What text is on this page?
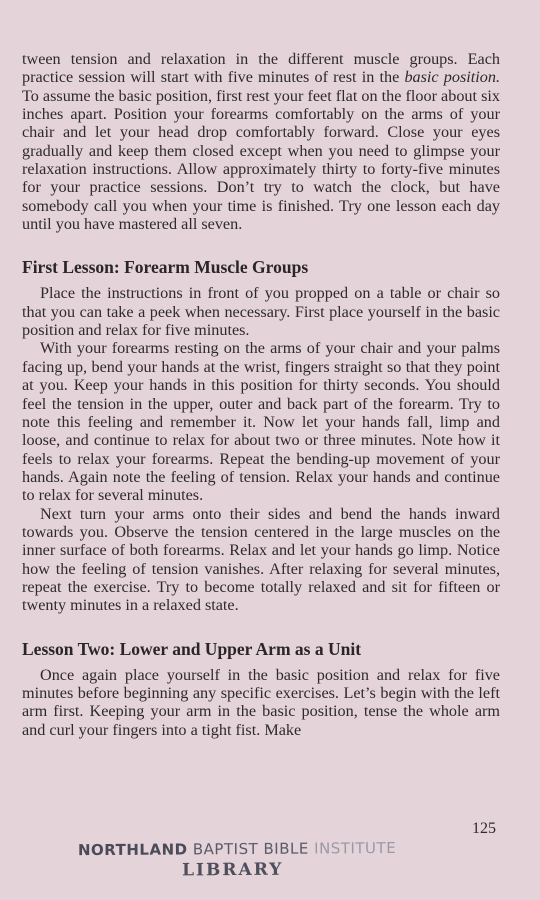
tween tension and relaxation in the different muscle groups. Each practice session will start with five minutes of rest in the basic position. To assume the basic position, first rest your feet flat on the floor about six inches apart. Position your forearms comfortably on the arms of your chair and let your head drop comfortably forward. Close your eyes gradually and keep them closed except when you need to glimpse your relaxation instructions. Allow approximately thirty to forty-five minutes for your practice sessions. Don’t try to watch the clock, but have somebody call you when your time is finished. Try one lesson each day until you have mastered all seven.

First Lesson: Forearm Muscle Groups

Place the instructions in front of you propped on a table or chair so that you can take a peek when necessary. First place yourself in the basic position and relax for five minutes.

With your forearms resting on the arms of your chair and your palms facing up, bend your hands at the wrist, fingers straight so that they point at you. Keep your hands in this position for thirty seconds. You should feel the tension in the upper, outer and back part of the forearm. Try to note this feeling and remember it. Now let your hands fall, limp and loose, and continue to relax for about two or three minutes. Note how it feels to relax your forearms. Repeat the bending-up movement of your hands. Again note the feeling of tension. Relax your hands and continue to relax for several minutes.

Next turn your arms onto their sides and bend the hands inward towards you. Observe the tension centered in the large muscles on the inner surface of both forearms. Relax and let your hands go limp. Notice how the feeling of tension vanishes. After relaxing for several minutes, repeat the exercise. Try to become totally relaxed and sit for fifteen or twenty minutes in a relaxed state.

Lesson Two: Lower and Upper Arm as a Unit

Once again place yourself in the basic position and relax for five minutes before beginning any specific exercises. Let’s begin with the left arm first. Keeping your arm in the basic position, tense the whole arm and curl your fingers into a tight fist. Make

125
NORTHLAND BAPTIST BIBLE INSTITUTE
LIBRARY
